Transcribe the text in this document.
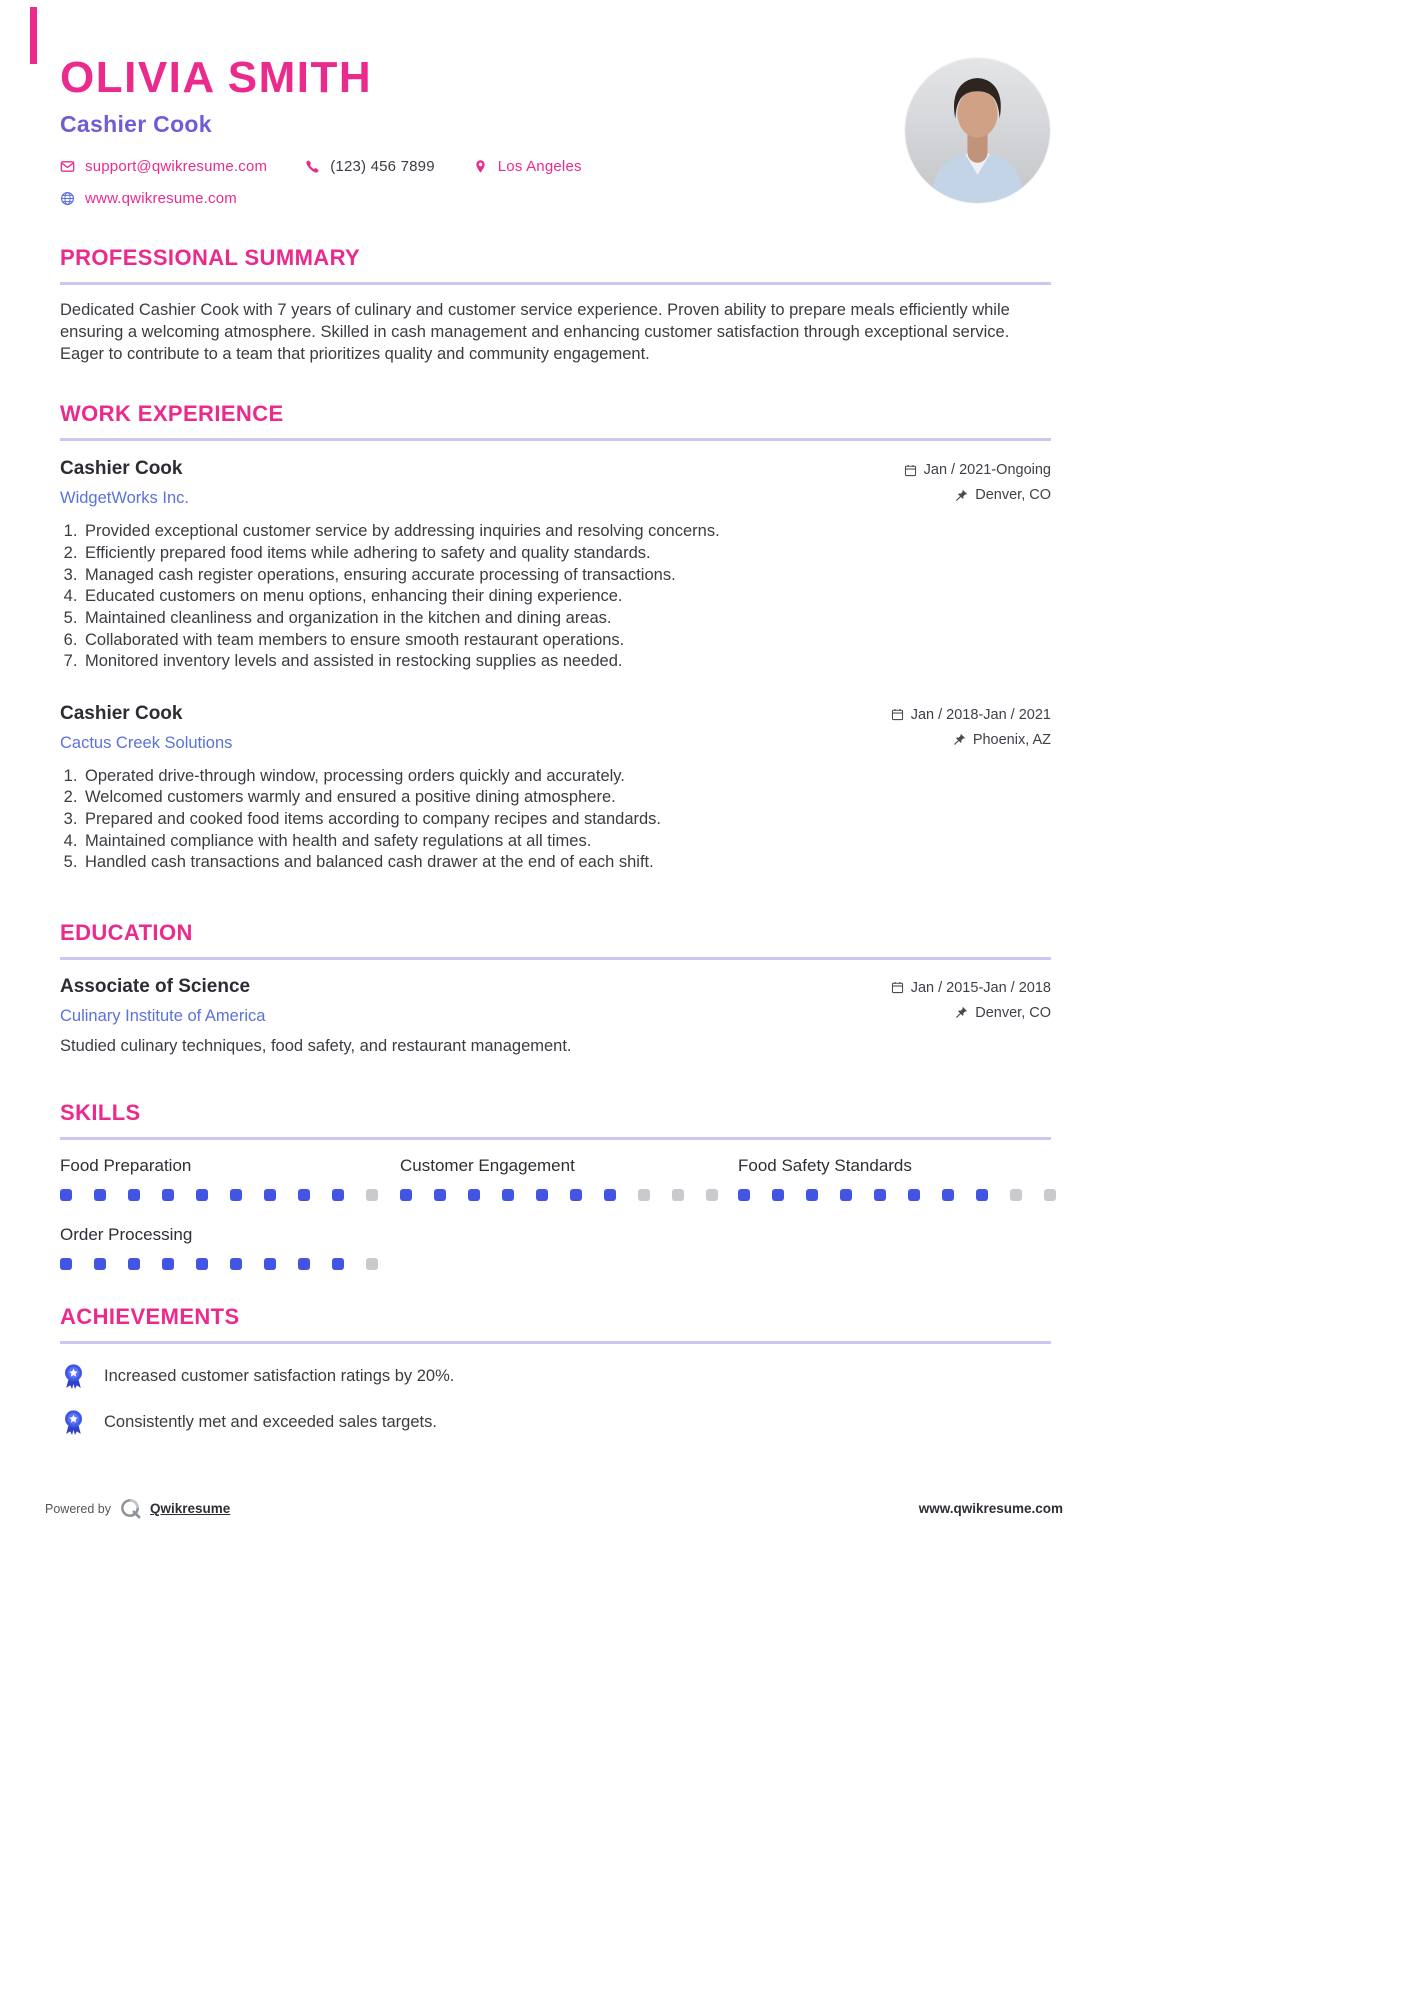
OLIVIA SMITH
Cashier Cook
support@qwikresume.com	(123) 456 7899	Los Angeles
www.qwikresume.com
PROFESSIONAL SUMMARY

Dedicated Cashier Cook with 7 years of culinary and customer service experience. Proven ability to prepare meals efficiently while ensuring a welcoming atmosphere. Skilled in cash management and enhancing customer satisfaction through exceptional service. Eager to contribute to a team that prioritizes quality and community engagement.

WORK EXPERIENCE
Cashier Cook
WidgetWorks Inc.
Jan / 2021-Ongoing
Denver, CO
1. Provided exceptional customer service by addressing inquiries and resolving concerns.
2. Efficiently prepared food items while adhering to safety and quality standards.
3. Managed cash register operations, ensuring accurate processing of transactions.
4. Educated customers on menu options, enhancing their dining experience.
5. Maintained cleanliness and organization in the kitchen and dining areas.
6. Collaborated with team members to ensure smooth restaurant operations.
7. Monitored inventory levels and assisted in restocking supplies as needed.
Cashier Cook
Cactus Creek Solutions
Jan / 2018-Jan / 2021
Phoenix, AZ
1. Operated drive-through window, processing orders quickly and accurately.
2. Welcomed customers warmly and ensured a positive dining atmosphere.
3. Prepared and cooked food items according to company recipes and standards.
4. Maintained compliance with health and safety regulations at all times.
5. Handled cash transactions and balanced cash drawer at the end of each shift.
EDUCATION
Associate of Science
Culinary Institute of America
Jan / 2015-Jan / 2018
Denver, CO

Studied culinary techniques, food safety, and restaurant management.

SKILLS
Food Preparation	Customer Engagement	Food Safety Standards
Order Processing
ACHIEVEMENTS
Increased customer satisfaction ratings by 20%.
Consistently met and exceeded sales targets.
Powered by	Qwikresume	www.qwikresume.com
